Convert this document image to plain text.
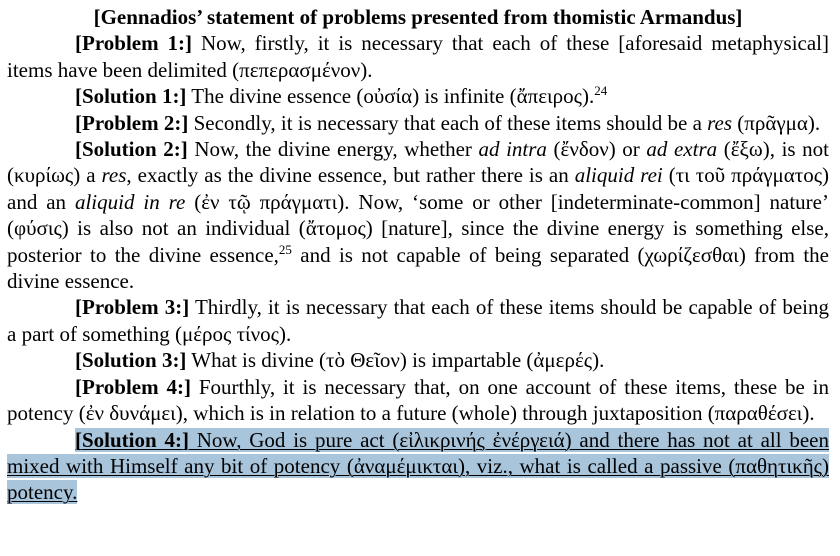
[Gennadios’ statement of problems presented from thomistic Armandus]

[Problem 1:] Now, firstly, it is necessary that each of these [aforesaid metaphysical] items have been delimited (πεπερασμένον).

[Solution 1:] The divine essence (οὐσία) is infinite (ἄπειρος).$^{24}$

[Problem 2:] Secondly, it is necessary that each of these items should be a res (πρᾶγμα).

[Solution 2:] Now, the divine energy, whether ad intra (ἔνδον) or ad extra (ἔξω), is not (κυρίως) a res, exactly as the divine essence, but rather there is an aliquid rei (τι τοῦ πράγματος) and an aliquid in re (ἐν τῷ πράγματι). Now, ‘some or other [indeterminate-common] nature’ (φύσις) is also not an individual (ἄτομος) [nature], since the divine energy is something else, posterior to the divine essence,$^{25}$ and is not capable of being separated (χωρίζεσθαι) from the divine essence.

[Problem 3:] Thirdly, it is necessary that each of these items should be capable of being a part of something (μέρος τίνος).

[Solution 3:] What is divine (τὸ Θεῖον) is impartable (ἀμερές).

[Problem 4:] Fourthly, it is necessary that, on one account of these items, these be in potency (ἐν δυνάμει), which is in relation to a future (whole) through juxtaposition (παραθέσει).

[Solution 4:] Now, God is pure act (εἰλικρινής ἐνέργειά) and there has not at all been mixed with Himself any bit of potency (ἀναμέμικται), viz., what is called a passive (παθητικῆς) potency.
